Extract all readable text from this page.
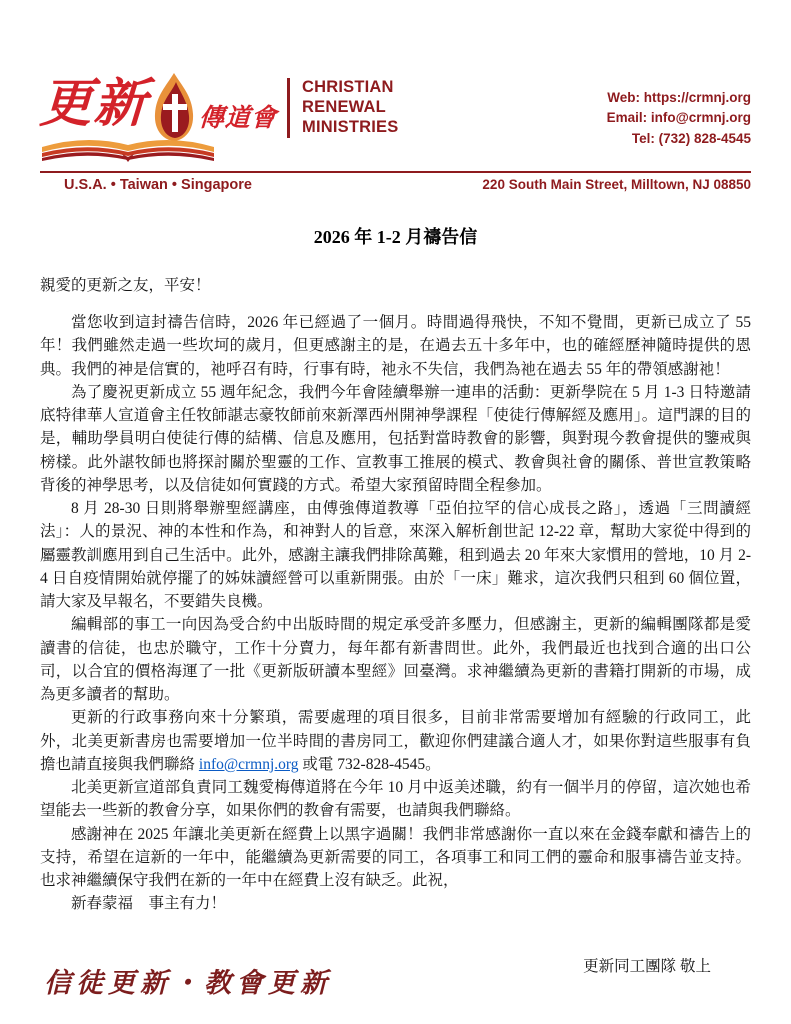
更新 傳道會
CHRISTIAN
RENEWAL
MINISTRIES
Web: https://crmnj.org
Email: info@crmnj.org
Tel: (732) 828-4545
U.S.A. • Taiwan • Singapore	220 South Main Street, Milltown, NJ 08850
2026 年 1-2 月禱告信
親愛的更新之友，平安！

當您收到這封禱告信時，2026 年已經過了一個月。時間過得飛快，不知不覺間，更新已成立了 55 年！我們雖然走過一些坎坷的歲月，但更感謝主的是，在過去五十多年中，也的確經歷神隨時提供的恩典。我們的神是信實的，祂呼召有時，行事有時，祂永不失信，我們為祂在過去 55 年的帶領感謝祂！

為了慶祝更新成立 55 週年紀念，我們今年會陸續舉辦一連串的活動：更新學院在 5 月 1-3 日特邀請底特律華人宣道會主任牧師諶志豪牧師前來新澤西州開神學課程「使徒行傳解經及應用」。這門課的目的是，輔助學員明白使徒行傳的結構、信息及應用，包括對當時教會的影響，與對現今教會提供的鑒戒與榜樣。此外諶牧師也將探討關於聖靈的工作、宣教事工推展的模式、教會與社會的關係、普世宣教策略背後的神學思考，以及信徒如何實踐的方式。希望大家預留時間全程參加。

8 月 28-30 日則將舉辦聖經講座，由傅強傳道教導「亞伯拉罕的信心成長之路」，透過「三問讀經法」：人的景況、神的本性和作為，和神對人的旨意，來深入解析創世記 12-22 章，幫助大家從中得到的屬靈教訓應用到自己生活中。此外，感謝主讓我們排除萬難，租到過去 20 年來大家慣用的營地，10 月 2-4 日自疫情開始就停擺了的姊妹讀經營可以重新開張。由於「一床」難求，這次我們只租到 60 個位置，請大家及早報名，不要錯失良機。

編輯部的事工一向因為受合約中出版時間的規定承受許多壓力，但感謝主，更新的編輯團隊都是愛讀書的信徒，也忠於職守，工作十分賣力，每年都有新書問世。此外，我們最近也找到合適的出口公司，以合宜的價格海運了一批《更新版研讀本聖經》回臺灣。求神繼續為更新的書籍打開新的市場，成為更多讀者的幫助。

更新的行政事務向來十分繁瑣，需要處理的項目很多，目前非常需要增加有經驗的行政同工，此外，北美更新書房也需要增加一位半時間的書房同工，歡迎你們建議合適人才，如果你對這些服事有負擔也請直接與我們聯絡 info@crmnj.org 或電 732-828-4545。

北美更新宣道部負責同工魏愛梅傳道將在今年 10 月中返美述職，約有一個半月的停留，這次她也希望能去一些新的教會分享，如果你們的教會有需要，也請與我們聯絡。

感謝神在 2025 年讓北美更新在經費上以黑字過關！我們非常感謝你一直以來在金錢奉獻和禱告上的支持，希望在這新的一年中，能繼續為更新需要的同工，各項事工和同工們的靈命和服事禱告並支持。也求神繼續保守我們在新的一年中在經費上沒有缺乏。此祝，

新春蒙福　事主有力！

更新同工團隊 敬上
信徒更新・教會更新
